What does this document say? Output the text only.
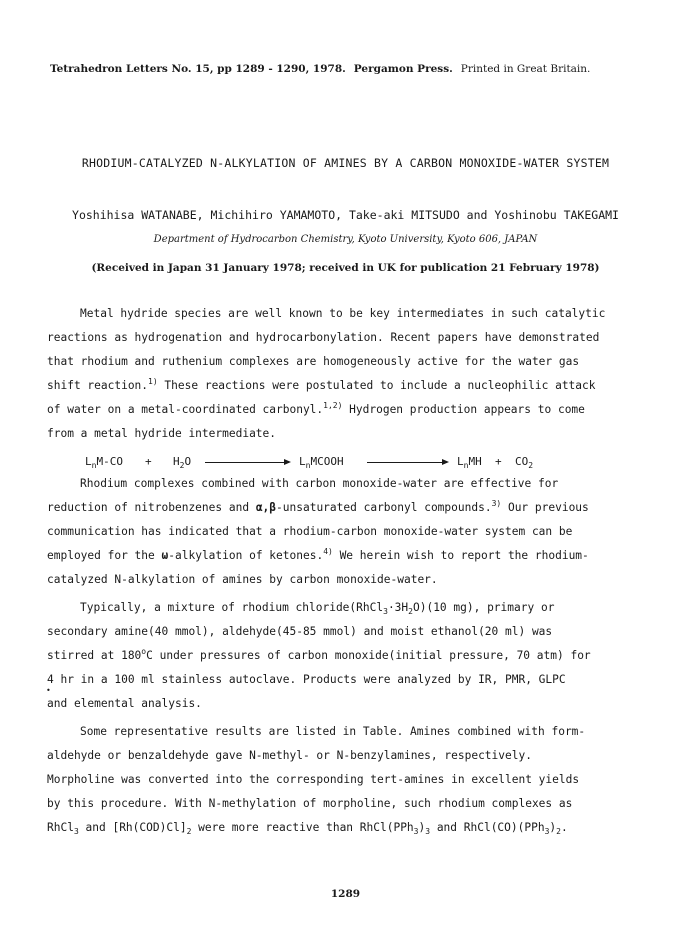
Tetrahedron Letters No. 15, pp 1289 - 1290, 1978. Pergamon Press. Printed in Great Britain.
RHODIUM-CATALYZED N-ALKYLATION OF AMINES BY A CARBON MONOXIDE-WATER SYSTEM
Yoshihisa WATANABE, Michihiro YAMAMOTO, Take-aki MITSUDO and Yoshinobu TAKEGAMI
Department of Hydrocarbon Chemistry, Kyoto University, Kyoto 606, JAPAN
(Received in Japan 31 January 1978; received in UK for publication 21 February 1978)
Metal hydride species are well known to be key intermediates in such catalytic
reactions as hydrogenation and hydrocarbonylation. Recent papers have demonstrated
that rhodium and ruthenium complexes are homogeneously active for the water gas
shift reaction.$^{1)}$ These reactions were postulated to include a nucleophilic attack
of water on a metal-coordinated carbonyl.$^{1,2)}$ Hydrogen production appears to come
from a metal hydride intermediate.
$L_nM-CO + H_2O$	$L_nMCOOH$	$L_nMH + CO_2$
Rhodium complexes combined with carbon monoxide-water are effective for
reduction of nitrobenzenes and α,β-unsaturated carbonyl compounds.$^{3)}$ Our previous
communication has indicated that a rhodium-carbon monoxide-water system can be
employed for the ω-alkylation of ketones.$^{4)}$ We herein wish to report the rhodium-
catalyzed N-alkylation of amines by carbon monoxide-water.
Typically, a mixture of rhodium $chloride(RhCl_3\cdot 3H_2O)(10$ mg), primary or
secondary amine(40 mmol), aldehyde(45-85 mmol) and moist ethanol(20 ml) was
stirred at 180$^o$C under pressures of carbon monoxide(initial pressure, 70 atm) for
4 hr in a 100 ml stainless autoclave. Products were analyzed by IR, PMR, GLPC
and elemental analysis.
•
Some representative results are listed in Table. Amines combined with form-
aldehyde or benzaldehyde gave N-methyl- or N-benzylamines, respectively.
Morpholine was converted into the corresponding tert-amines in excellent yields
by this procedure. With N-methylation of morpholine, such rhodium complexes as
RhCl$_3$ and $[Rh(COD)Cl]_2$ were more reactive than $RhCl(PPh_3)_3$ and $RhCl(CO)(PPh_3)_2$.
1289
